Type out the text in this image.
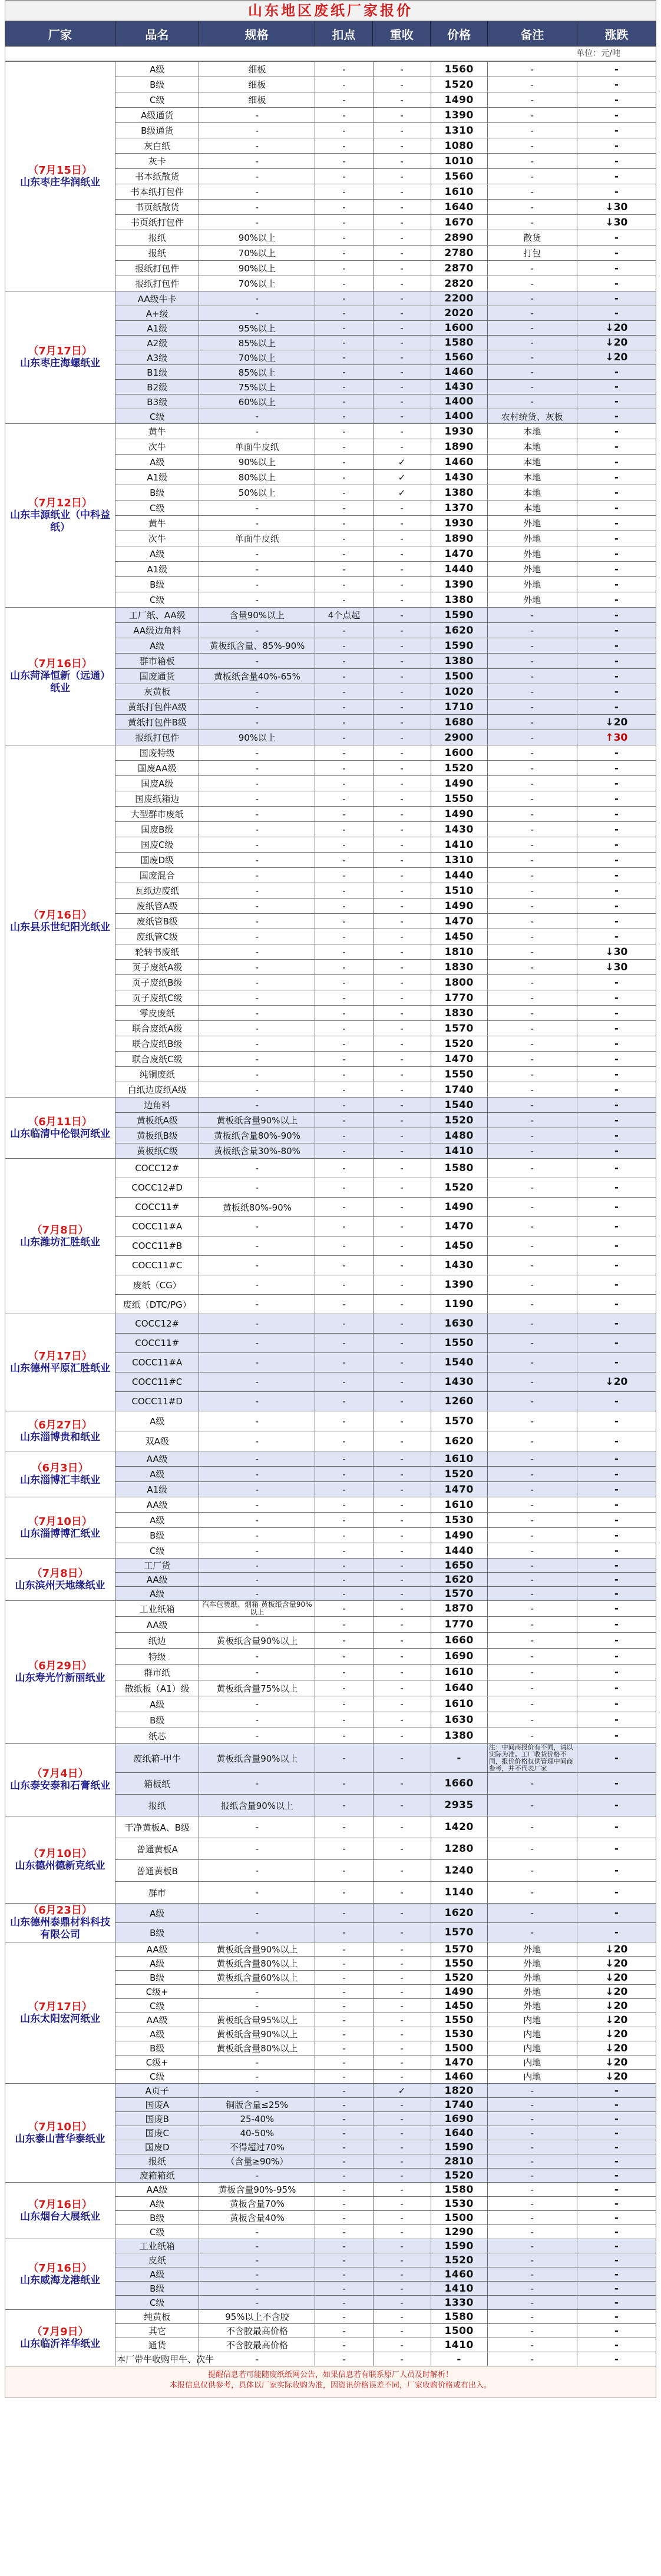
山东地区废纸厂家报价
厂家	品名	规格	扣点	重收	价格	备注	涨跌
单位：元/吨
（7月15日）
山东枣庄华润纸业	A级	细板	-	-	1560	-	-
	B级	细板	-	-	1520	-	-
	C级	细板	-	-	1490	-	-
	A级通货	-	-	-	1390	-	-
	B级通货	-	-	-	1310	-	-
	灰白纸	-	-	-	1080	-	-
	灰卡	-	-	-	1010	-	-
	书本纸散货	-	-	-	1560	-	-
	书本纸打包件	-	-	-	1610	-	-
	书页纸散货	-	-	-	1640	-	↓30
	书页纸打包件	-	-	-	1670	-	↓30
	报纸	90%以上	-	-	2890	散货	-
	报纸	70%以上	-	-	2780	打包	-
	报纸打包件	90%以上	-	-	2870	-	-
	报纸打包件	70%以上	-	-	2820	-	-

（7月17日）
山东枣庄海螺纸业	AA级牛卡	-	-	-	2200	-	-
	A+级	-	-	-	2020	-	-
	A1级	95%以上	-	-	1600	-	↓20
	A2级	85%以上	-	-	1580	-	↓20
	A3级	70%以上	-	-	1560	-	↓20
	B1级	85%以上	-	-	1460	-	-
	B2级	75%以上	-	-	1430	-	-
	B3级	60%以上	-	-	1400	-	-
	C级	-	-	-	1400	农村统货、灰板	-

（7月12日）
山东丰源纸业（中科益纸）	黄牛	-	-	-	1930	本地	-
	次牛	单面牛皮纸	-	-	1890	本地	-
	A级	90%以上	-	✓	1460	本地	-
	A1级	80%以上	-	✓	1430	本地	-
	B级	50%以上	-	✓	1380	本地	-
	C级	-	-	-	1370	本地	-
	黄牛	-	-	-	1930	外地	-
	次牛	单面牛皮纸	-	-	1890	外地	-
	A级	-	-	-	1470	外地	-
	A1级	-	-	-	1440	外地	-
	B级	-	-	-	1390	外地	-
	C级	-	-	-	1380	外地	-

（7月16日）
山东菏泽恒新（远通）纸业	工厂纸、AA级	含量90%以上	4个点起	-	1590	-	-
	AA级边角料	-	-	-	1620	-	-
	A级	黄板纸含量、85%-90%	-	-	1590	-	-
	群市箱板	-	-	-	1380	-	-
	国废通货	黄板纸含量40%-65%	-	-	1500	-	-
	灰黄板	-	-	-	1020	-	-
	黄纸打包件A级	-	-	-	1710	-	-
	黄纸打包件B级	-	-	-	1680	-	↓20
	报纸打包件	90%以上	-	-	2900	-	↑30

（7月16日）
山东县乐世纪阳光纸业	国废特级	-	-	-	1600	-	-
	国废AA级	-	-	-	1520	-	-
	国废A级	-	-	-	1490	-	-
	国废纸箱边	-	-	-	1550	-	-
	大型群市废纸	-	-	-	1490	-	-
	国废B级	-	-	-	1430	-	-
	国废C级	-	-	-	1410	-	-
	国废D级	-	-	-	1310	-	-
	国废混合	-	-	-	1440	-	-
	瓦纸边废纸	-	-	-	1510	-	-
	废纸管A级	-	-	-	1490	-	-
	废纸管B级	-	-	-	1470	-	-
	废纸管C级	-	-	-	1450	-	-
	轮转书废纸	-	-	-	1810	-	↓30
	页子废纸A级	-	-	-	1830	-	↓30
	页子废纸B级	-	-	-	1800	-	-
	页子废纸C级	-	-	-	1770	-	-
	零皮废纸	-	-	-	1830	-	-
	联合废纸A级	-	-	-	1570	-	-
	联合废纸B级	-	-	-	1520	-	-
	联合废纸C级	-	-	-	1470	-	-
	纯铜废纸	-	-	-	1550	-	-
	白纸边废纸A级	-	-	-	1740	-	-

（6月11日）
山东临清中伦银河纸业	边角料	-	-	-	1540	-	-
	黄板纸A级	黄板纸含量90%以上	-	-	1520	-	-
	黄板纸B级	黄板纸含量80%-90%	-	-	1480	-	-
	黄板纸C级	黄板纸含量30%-80%	-	-	1410	-	-

（7月8日）
山东潍坊汇胜纸业	COCC12#	-	-	-	1580	-	-
	COCC12#D	-	-	-	1520	-	-
	COCC11#	黄板纸80%-90%	-	-	1490	-	-
	COCC11#A	-	-	-	1470	-	-
	COCC11#B	-	-	-	1450	-	-
	COCC11#C	-	-	-	1430	-	-
	废纸（CG）	-	-	-	1390	-	-
	废纸（DTC/PG）	-	-	-	1190	-	-

（7月17日）
山东德州平原汇胜纸业	COCC12#	-	-	-	1630	-	-
	COCC11#	-	-	-	1550	-	-
	COCC11#A	-	-	-	1540	-	-
	COCC11#C	-	-	-	1430	-	↓20
	COCC11#D	-	-	-	1260	-	-

（6月27日）
山东淄博贵和纸业	A级	-	-	-	1570	-	-
	双A级	-	-	-	1620	-	-

（6月3日）
山东淄博汇丰纸业	AA级	-	-	-	1610	-	-
	A级	-	-	-	1520	-	-
	A1级	-	-	-	1470	-	-

（7月10日）
山东淄博博汇纸业	AA级	-	-	-	1610	-	-
	A级	-	-	-	1530	-	-
	B级	-	-	-	1490	-	-
	C级	-	-	-	1440	-	-

（7月8日）
山东滨州天地缘纸业	工厂货	-	-	-	1650	-	-
	AA级	-	-	-	1620	-	-
	A级	-	-	-	1570	-	-

（6月29日）
山东寿光竹新丽纸业	工业纸箱	汽车包装纸、烟箱 黄板纸含量90%以上	-	-	1870	-	-
	AA级	-	-	-	1770	-	-
	纸边	黄板纸含量90%以上	-	-	1660	-	-
	特级	-	-	-	1690	-	-
	群市纸	-	-	-	1610	-	-
	散纸板（A1）级	黄板纸含量75%以上	-	-	1640	-	-
	A级	-	-	-	1610	-	-
	B级	-	-	-	1630	-	-
	纸芯	-	-	-	1380	-	-

（7月4日）
山东泰安泰和石膏纸业	废纸箱-甲牛	黄板纸含量90%以上	-	-	-	注：中间商报价有不同，请以实际为准。工厂收货价格不同，报价价格仅供管理中间商参考，并不代表厂家	-
	箱板纸	-	-	-	1660	-	-
	报纸	报纸含量90%以上	-	-	2935	-	-

（7月10日）
山东德州德新克纸业	干净黄板A、B级	-	-	-	1420	-	-
	普通黄板A	-	-	-	1280	-	-
	普通黄板B	-	-	-	1240	-	-
	群市	-	-	-	1140	-	-

（6月23日）
山东德州泰鼎材料科技有限公司	A级	-	-	-	1620	-	-
	B级	-	-	-	1570	-	-

（7月17日）
山东太阳宏河纸业	AA级	黄板纸含量90%以上	-	-	1570	外地	↓20
	A级	黄板纸含量80%以上	-	-	1550	外地	↓20
	B级	黄板纸含量60%以上	-	-	1520	外地	↓20
	C级+	-	-	-	1490	外地	↓20
	C级	-	-	-	1450	外地	↓20
	AA级	黄板纸含量95%以上	-	-	1550	内地	↓20
	A级	黄板纸含量90%以上	-	-	1530	内地	↓20
	B级	黄板纸含量80%以上	-	-	1500	内地	↓20
	C级+	-	-	-	1470	内地	↓20
	C级	-	-	-	1460	内地	↓20

（7月10日）
山东泰山营华泰纸业	A页子	-	-	✓	1820	-	-
	国废A	铜版含量≤25%	-	-	1740	-	-
	国废B	25-40%	-	-	1690	-	-
	国废C	40-50%	-	-	1640	-	-
	国废D	不得超过70%	-	-	1590	-	-
	报纸	（含量≥90%）	-	-	2810	-	-
	废箱箱纸	-	-	-	1520	-	-

（7月16日）
山东烟台大展纸业	AA级	黄板含量90%-95%	-	-	1580	-	-
	A级	黄板含量70%	-	-	1530	-	-
	B级	黄板含量40%	-	-	1500	-	-
	C级	-	-	-	1290	-	-

（7月16日）
山东威海龙港纸业	工业纸箱	-	-	-	1590	-	-
	皮纸	-	-	-	1520	-	-
	A级	-	-	-	1460	-	-
	B级	-	-	-	1410	-	-
	C级	-	-	-	1330	-	-

（7月9日）
山东临沂祥华纸业	纯黄板	95%以上不含胶	-	-	1580	-	-
	其它	不含胶最高价格	-	-	1500	-	-
	通货	不含胶最高价格	-	-	1410	-	-
	本厂带牛收购甲牛、次牛	-	-	-	-	-	-
提醒信息若可能随废纸纸网公告，如果信息若有联系原厂人员及时解析！
本报信息仅供参考，具体以厂家实际收购为准，因资讯价格误差不同，厂家收购价格或有出入。
